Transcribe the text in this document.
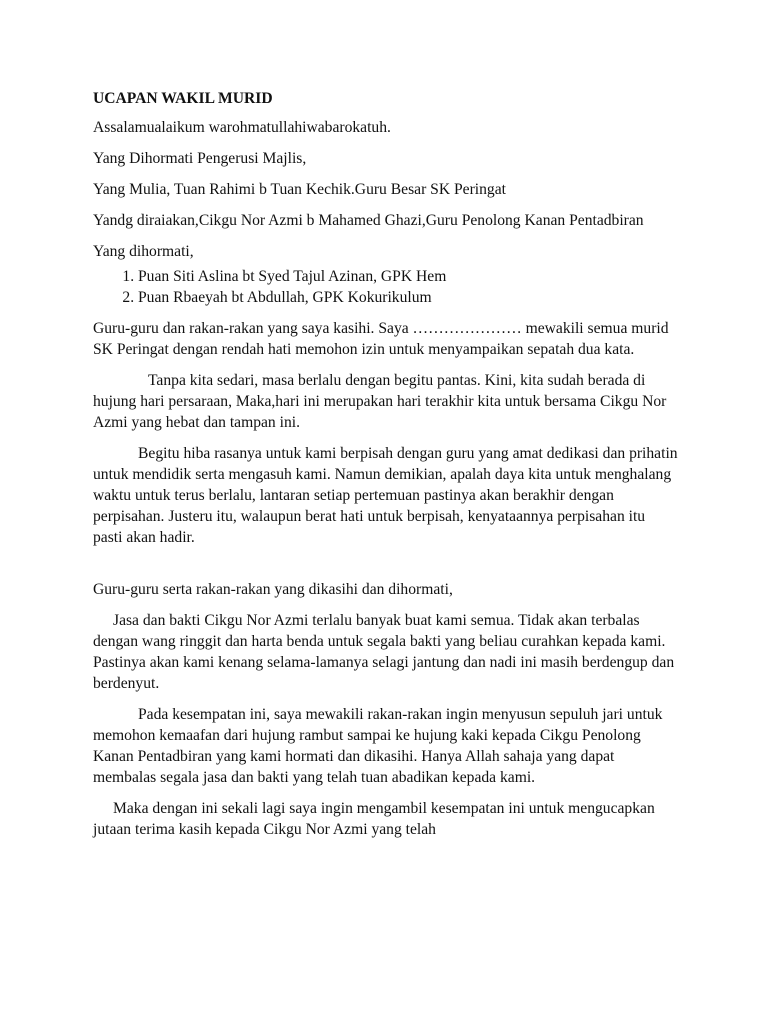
UCAPAN WAKIL MURID

Assalamualaikum warohmatullahiwabarokatuh.

Yang Dihormati Pengerusi Majlis,

Yang Mulia, Tuan Rahimi b Tuan Kechik.Guru Besar SK Peringat

Yandg diraiakan,Cikgu Nor Azmi b Mahamed Ghazi,Guru Penolong Kanan Pentadbiran

Yang dihormati,

1. Puan Siti Aslina bt Syed Tajul Azinan, GPK Hem
2. Puan Rbaeyah bt Abdullah, GPK Kokurikulum

Guru-guru dan rakan-rakan yang saya kasihi. Saya ………………… mewakili semua murid SK Peringat dengan rendah hati memohon izin untuk menyampaikan sepatah dua kata.

Tanpa kita sedari, masa berlalu dengan begitu pantas. Kini, kita sudah berada di hujung hari persaraan, Maka,hari ini merupakan hari terakhir kita untuk bersama Cikgu Nor Azmi yang hebat dan tampan ini.

Begitu hiba rasanya untuk kami berpisah dengan guru yang amat dedikasi dan prihatin untuk mendidik serta mengasuh kami. Namun demikian, apalah daya kita untuk menghalang waktu untuk terus berlalu, lantaran setiap pertemuan pastinya akan berakhir dengan perpisahan. Justeru itu, walaupun berat hati untuk berpisah, kenyataannya perpisahan itu pasti akan hadir.

Guru-guru serta rakan-rakan yang dikasihi dan dihormati,

Jasa dan bakti Cikgu Nor Azmi terlalu banyak buat kami semua. Tidak akan terbalas dengan wang ringgit dan harta benda untuk segala bakti yang beliau curahkan kepada kami. Pastinya akan kami kenang selama-lamanya selagi jantung dan nadi ini masih berdengup dan berdenyut.

Pada kesempatan ini, saya mewakili rakan-rakan ingin menyusun sepuluh jari untuk memohon kemaafan dari hujung rambut sampai ke hujung kaki kepada Cikgu Penolong Kanan Pentadbiran yang kami hormati dan dikasihi. Hanya Allah sahaja yang dapat membalas segala jasa dan bakti yang telah tuan abadikan kepada kami.

Maka dengan ini sekali lagi saya ingin mengambil kesempatan ini untuk mengucapkan jutaan terima kasih kepada Cikgu Nor Azmi yang telah
